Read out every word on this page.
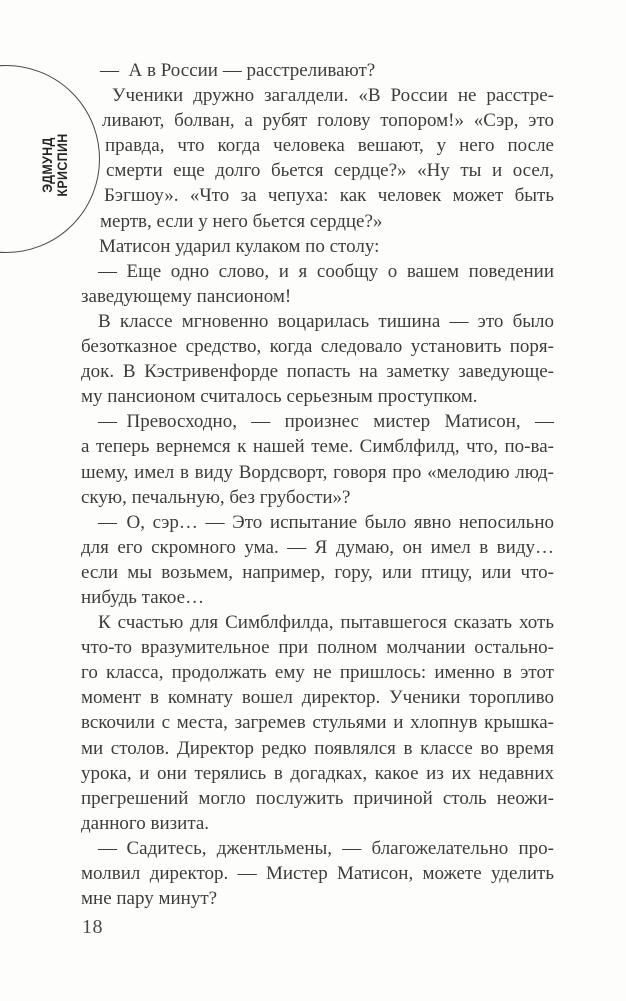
ЭДМУНД КРИСПИН
— А в России — расстреливают?
Ученики дружно загалдели. «В России не расстре-
ливают, болван, а рубят голову топором!» «Сэр, это
правда, что когда человека вешают, у него после
смерти еще долго бьется сердце?» «Ну ты и осел,
Бэгшоу». «Что за чепуха: как человек может быть
мертв, если у него бьется сердце?»
Матисон ударил кулаком по столу:
— Еще одно слово, и я сообщу о вашем поведении
заведующему пансионом!
В классе мгновенно воцарилась тишина — это было
безотказное средство, когда следовало установить поря-
док. В Кэстривенфорде попасть на заметку заведующе-
му пансионом считалось серьезным проступком.
— Превосходно, — произнес мистер Матисон, —
а теперь вернемся к нашей теме. Симблфилд, что, по-ва-
шему, имел в виду Вордсворт, говоря про «мелодию люд-
скую, печальную, без грубости»?
— О, сэр… — Это испытание было явно непосильно
для его скромного ума. — Я думаю, он имел в виду…
если мы возьмем, например, гору, или птицу, или что-
нибудь такое…
К счастью для Симблфилда, пытавшегося сказать хоть
что-то вразумительное при полном молчании остально-
го класса, продолжать ему не пришлось: именно в этот
момент в комнату вошел директор. Ученики торопливо
вскочили с места, загремев стульями и хлопнув крышка-
ми столов. Директор редко появлялся в классе во время
урока, и они терялись в догадках, какое из их недавних
прегрешений могло послужить причиной столь неожи-
данного визита.
— Садитесь, джентльмены, — благожелательно про-
молвил директор. — Мистер Матисон, можете уделить
мне пару минут?
18
